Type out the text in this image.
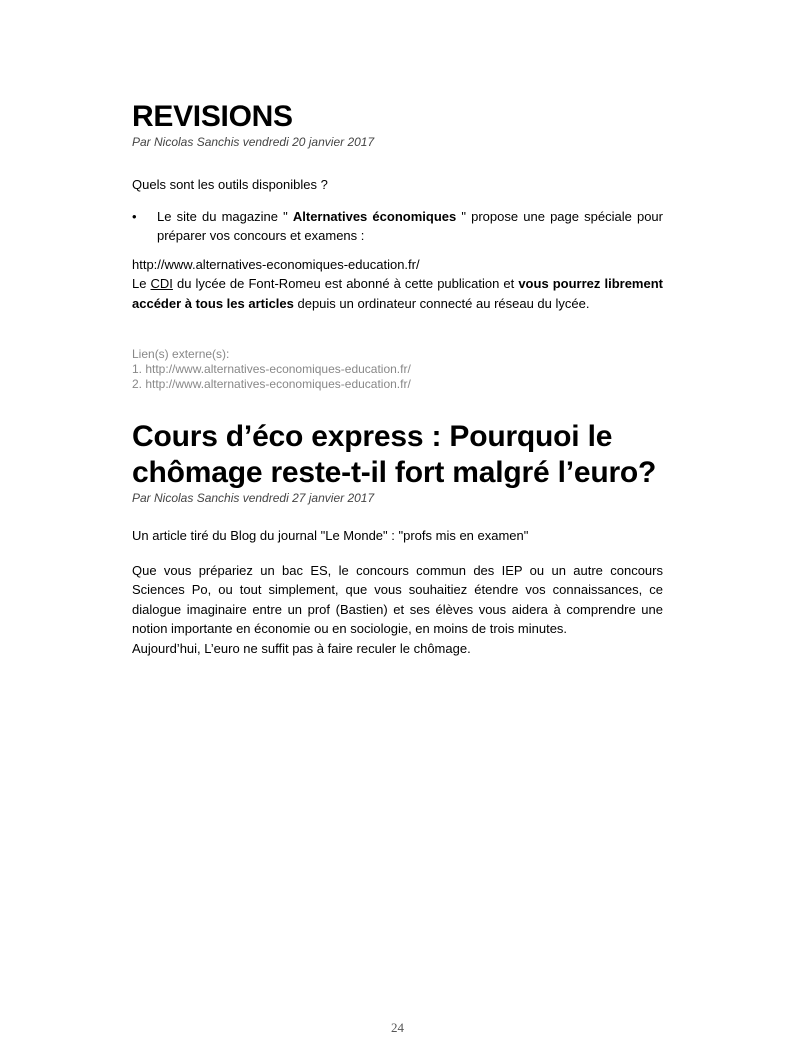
REVISIONS

Par Nicolas Sanchis vendredi 20 janvier 2017

Quels sont les outils disponibles ?

• Le site du magazine " Alternatives économiques " propose une page spéciale pour préparer vos concours et examens :

http://www.alternatives-economiques-education.fr/

Le CDI du lycée de Font-Romeu est abonné à cette publication et vous pourrez librement accéder à tous les articles depuis un ordinateur connecté au réseau du lycée.

Lien(s) externe(s):
1. http://www.alternatives-economiques-education.fr/
2. http://www.alternatives-economiques-education.fr/
Cours d’éco express : Pourquoi le chômage reste-t-il fort malgré l’euro?

Par Nicolas Sanchis vendredi 27 janvier 2017

Un article tiré du Blog du journal "Le Monde" : "profs mis en examen"

Que vous prépariez un bac ES, le concours commun des IEP ou un autre concours Sciences Po, ou tout simplement, que vous souhaitiez étendre vos connaissances, ce dialogue imaginaire entre un prof (Bastien) et ses élèves vous aidera à comprendre une notion importante en économie ou en sociologie, en moins de trois minutes.

Aujourd’hui, L’euro ne suffit pas à faire reculer le chômage.

24
